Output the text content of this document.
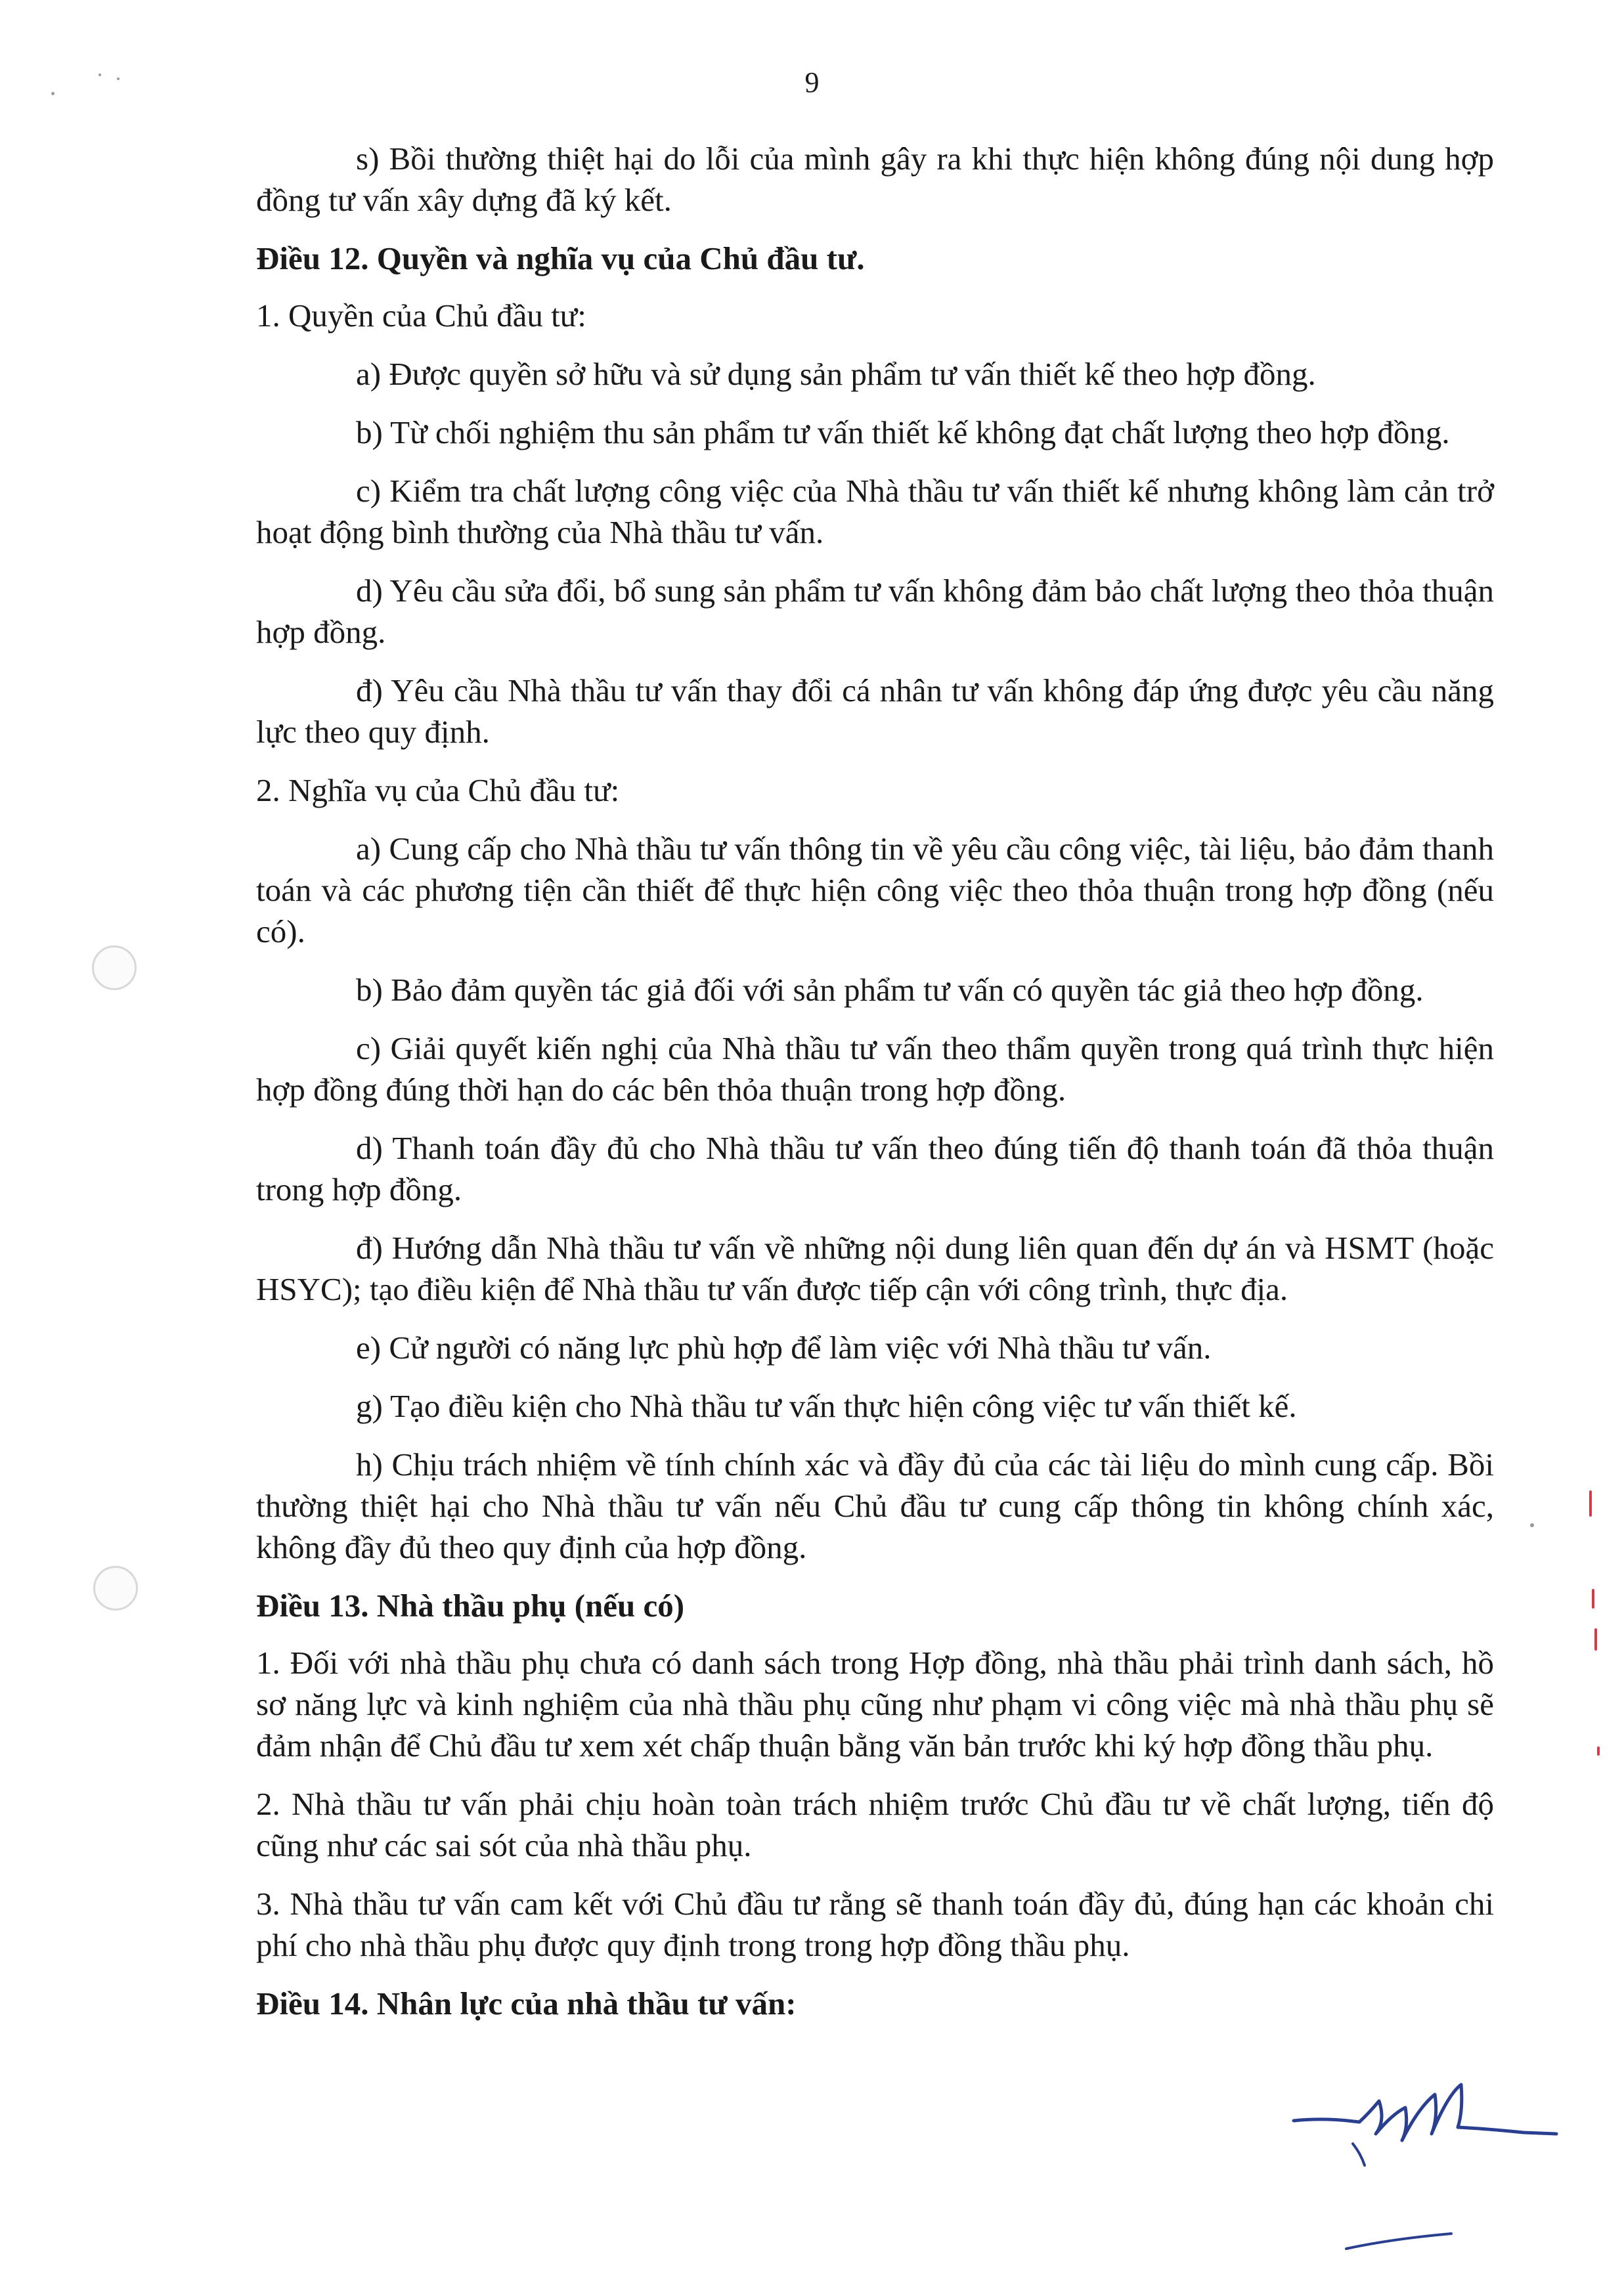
9

s) Bồi thường thiệt hại do lỗi của mình gây ra khi thực hiện không đúng nội dung hợp đồng tư vấn xây dựng đã ký kết.

Điều 12. Quyền và nghĩa vụ của Chủ đầu tư.

1. Quyền của Chủ đầu tư:

a) Được quyền sở hữu và sử dụng sản phẩm tư vấn thiết kế theo hợp đồng.

b) Từ chối nghiệm thu sản phẩm tư vấn thiết kế không đạt chất lượng theo hợp đồng.

c) Kiểm tra chất lượng công việc của Nhà thầu tư vấn thiết kế nhưng không làm cản trở hoạt động bình thường của Nhà thầu tư vấn.

d) Yêu cầu sửa đổi, bổ sung sản phẩm tư vấn không đảm bảo chất lượng theo thỏa thuận hợp đồng.

đ) Yêu cầu Nhà thầu tư vấn thay đổi cá nhân tư vấn không đáp ứng được yêu cầu năng lực theo quy định.

2. Nghĩa vụ của Chủ đầu tư:

a) Cung cấp cho Nhà thầu tư vấn thông tin về yêu cầu công việc, tài liệu, bảo đảm thanh toán và các phương tiện cần thiết để thực hiện công việc theo thỏa thuận trong hợp đồng (nếu có).

b) Bảo đảm quyền tác giả đối với sản phẩm tư vấn có quyền tác giả theo hợp đồng.

c) Giải quyết kiến nghị của Nhà thầu tư vấn theo thẩm quyền trong quá trình thực hiện hợp đồng đúng thời hạn do các bên thỏa thuận trong hợp đồng.

d) Thanh toán đầy đủ cho Nhà thầu tư vấn theo đúng tiến độ thanh toán đã thỏa thuận trong hợp đồng.

đ) Hướng dẫn Nhà thầu tư vấn về những nội dung liên quan đến dự án và HSMT (hoặc HSYC); tạo điều kiện để Nhà thầu tư vấn được tiếp cận với công trình, thực địa.

e) Cử người có năng lực phù hợp để làm việc với Nhà thầu tư vấn.

g) Tạo điều kiện cho Nhà thầu tư vấn thực hiện công việc tư vấn thiết kế.

h) Chịu trách nhiệm về tính chính xác và đầy đủ của các tài liệu do mình cung cấp. Bồi thường thiệt hại cho Nhà thầu tư vấn nếu Chủ đầu tư cung cấp thông tin không chính xác, không đầy đủ theo quy định của hợp đồng.

Điều 13. Nhà thầu phụ (nếu có)

1. Đối với nhà thầu phụ chưa có danh sách trong Hợp đồng, nhà thầu phải trình danh sách, hồ sơ năng lực và kinh nghiệm của nhà thầu phụ cũng như phạm vi công việc mà nhà thầu phụ sẽ đảm nhận để Chủ đầu tư xem xét chấp thuận bằng văn bản trước khi ký hợp đồng thầu phụ.

2. Nhà thầu tư vấn phải chịu hoàn toàn trách nhiệm trước Chủ đầu tư về chất lượng, tiến độ cũng như các sai sót của nhà thầu phụ.

3. Nhà thầu tư vấn cam kết với Chủ đầu tư rằng sẽ thanh toán đầy đủ, đúng hạn các khoản chi phí cho nhà thầu phụ được quy định trong trong hợp đồng thầu phụ.

Điều 14. Nhân lực của nhà thầu tư vấn:
